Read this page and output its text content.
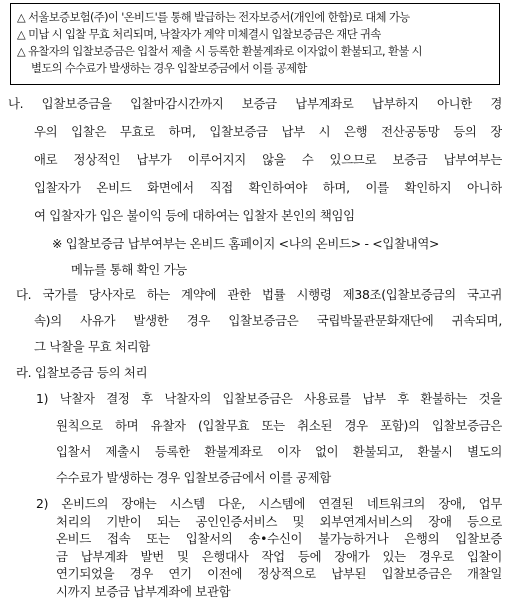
△ 서울보증보험(주)이 '온비드'를 통해 발급하는 전자보증서(개인에 한함)로 대체 가능
△ 미납 시 입찰 무효 처리되며, 낙찰자가 계약 미체결시 입찰보증금은 재단 귀속
△ 유찰자의 입찰보증금은 입찰서 제출 시 등록한 환불계좌로 이자없이 환불되고, 환불 시
별도의 수수료가 발생하는 경우 입찰보증금에서 이를 공제함
나. 입찰보증금을 입찰마감시간까지 보증금 납부계좌로 납부하지 아니한 경
우의 입찰은 무효로 하며, 입찰보증금 납부 시 은행 전산공동망 등의 장
애로 정상적인 납부가 이루어지지 않을 수 있으므로 보증금 납부여부는
입찰자가 온비드 화면에서 직접 확인하여야 하며, 이를 확인하지 아니하
여 입찰자가 입은 불이익 등에 대하여는 입찰자 본인의 책임임
※ 입찰보증금 납부여부는 온비드 홈페이지 <나의 온비드> - <입찰내역>
메뉴를 통해 확인 가능
다. 국가를 당사자로 하는 계약에 관한 법률 시행령 제38조(입찰보증금의 국고귀
속)의 사유가 발생한 경우 입찰보증금은 국립박물관문화재단에 귀속되며,
그 낙찰을 무효 처리함
라. 입찰보증금 등의 처리
1) 낙찰자 결정 후 낙찰자의 입찰보증금은 사용료를 납부 후 환불하는 것을
원칙으로 하며 유찰자 (입찰무효 또는 취소된 경우 포함)의 입찰보증금은
입찰서 제출시 등록한 환불계좌로 이자 없이 환불되고, 환불시 별도의
수수료가 발생하는 경우 입찰보증금에서 이를 공제함
2) 온비드의 장애는 시스템 다운, 시스템에 연결된 네트워크의 장애, 업무
처리의 기반이 되는 공인인증서비스 및 외부연계서비스의 장애 등으로
온비드 접속 또는 입찰서의 송•수신이 불가능하거나 은행의 입찰보증
금 납부계좌 발번 및 은행대사 작업 등에 장애가 있는 경우로 입찰이
연기되었을 경우 연기 이전에 정상적으로 납부된 입찰보증금은 개찰일
시까지 보증금 납부계좌에 보관함
